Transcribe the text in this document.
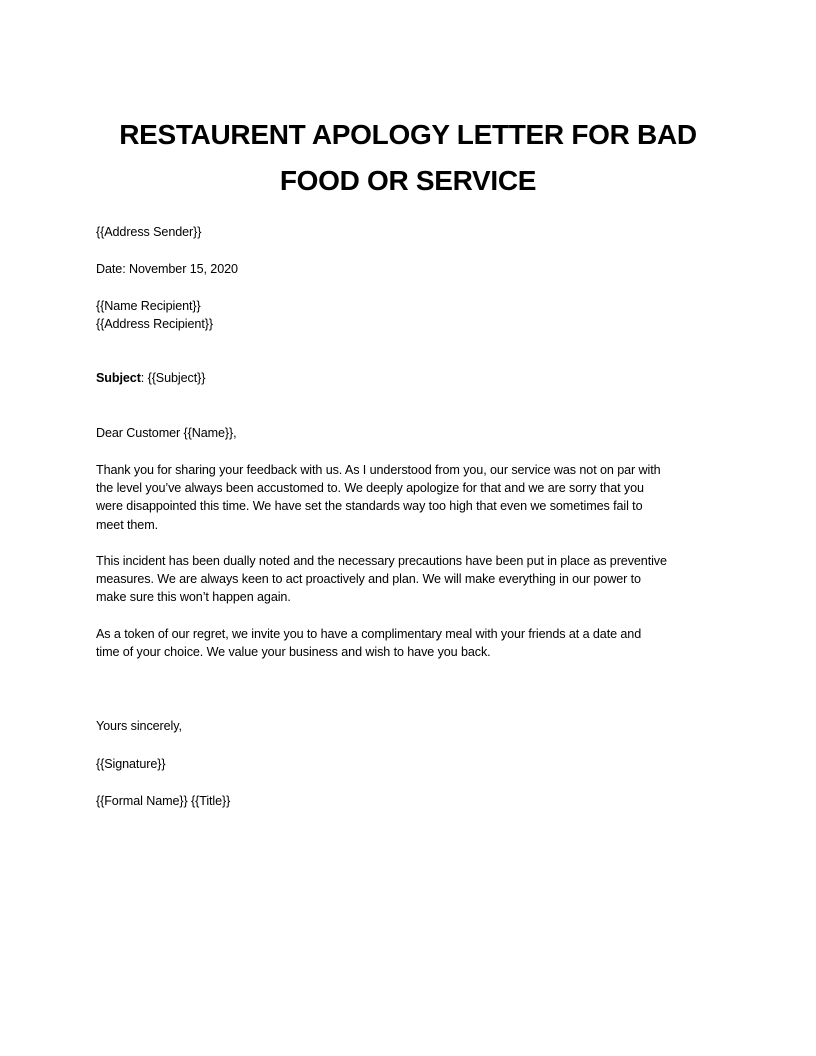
RESTAURENT APOLOGY LETTER FOR BAD
FOOD OR SERVICE
{{Address Sender}}
Date: November 15, 2020
{{Name Recipient}}
{{Address Recipient}}
Subject: {{Subject}}
Dear Customer {{Name}},
Thank you for sharing your feedback with us. As I understood from you, our service was not on par with
the level you’ve always been accustomed to. We deeply apologize for that and we are sorry that you
were disappointed this time. We have set the standards way too high that even we sometimes fail to
meet them.
This incident has been dually noted and the necessary precautions have been put in place as preventive
measures. We are always keen to act proactively and plan. We will make everything in our power to
make sure this won’t happen again.
As a token of our regret, we invite you to have a complimentary meal with your friends at a date and
time of your choice. We value your business and wish to have you back.
Yours sincerely,
{{Signature}}
{{Formal Name}} {{Title}}
